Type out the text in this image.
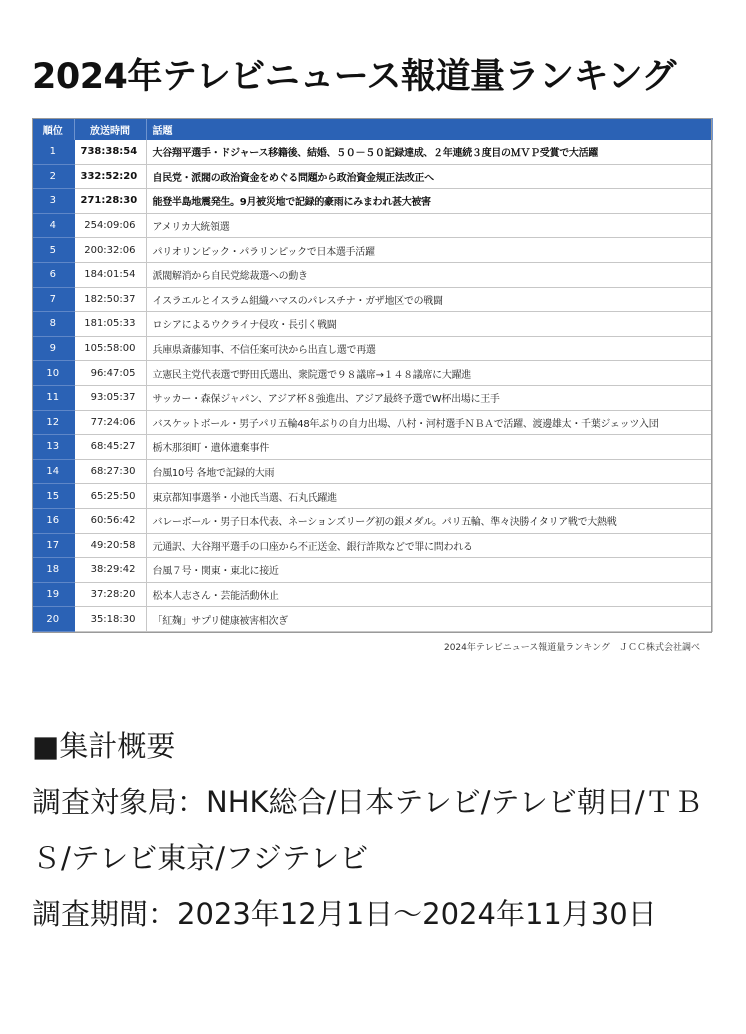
2024年テレビニュース報道量ランキング
順位	放送時間	話題
1	738:38:54	大谷翔平選手・ドジャース移籍後、結婚、５０－５０記録達成、２年連続３度目のＭＶＰ受賞で大活躍
2	332:52:20	自民党・派閥の政治資金をめぐる問題から政治資金規正法改正へ
3	271:28:30	能登半島地震発生。9月被災地で記録的豪雨にみまわれ甚大被害
4	254:09:06	アメリカ大統領選
5	200:32:06	パリオリンピック・パラリンピックで日本選手活躍
6	184:01:54	派閥解消から自民党総裁選への動き
7	182:50:37	イスラエルとイスラム組織ハマスのパレスチナ・ガザ地区での戦闘
8	181:05:33	ロシアによるウクライナ侵攻・長引く戦闘
9	105:58:00	兵庫県斎藤知事、不信任案可決から出直し選で再選
10	96:47:05	立憲民主党代表選で野田氏選出、衆院選で９８議席→１４８議席に大躍進
11	93:05:37	サッカー・森保ジャパン、アジア杯８強進出、アジア最終予選でW杯出場に王手
12	77:24:06	バスケットボール・男子パリ五輪48年ぶりの自力出場、八村・河村選手ＮＢＡで活躍、渡邊雄太・千葉ジェッツ入団
13	68:45:27	栃木那須町・遺体遺棄事件
14	68:27:30	台風10号 各地で記録的大雨
15	65:25:50	東京都知事選挙・小池氏当選、石丸氏躍進
16	60:56:42	バレーボール・男子日本代表、ネーションズリーグ初の銀メダル。パリ五輪、準々決勝イタリア戦で大熱戦
17	49:20:58	元通訳、大谷翔平選手の口座から不正送金、銀行詐欺などで罪に問われる
18	38:29:42	台風７号・関東・東北に接近
19	37:28:20	松本人志さん・芸能活動休止
20	35:18:30	「紅麹」サプリ健康被害相次ぎ
2024年テレビニュース報道量ランキング　ＪＣＣ株式会社調べ

■集計概要

調査対象局：NHK総合/日本テレビ/テレビ朝日/ＴＢＳ/テレビ東京/フジテレビ

調査期間：2023年12月1日～2024年11月30日
